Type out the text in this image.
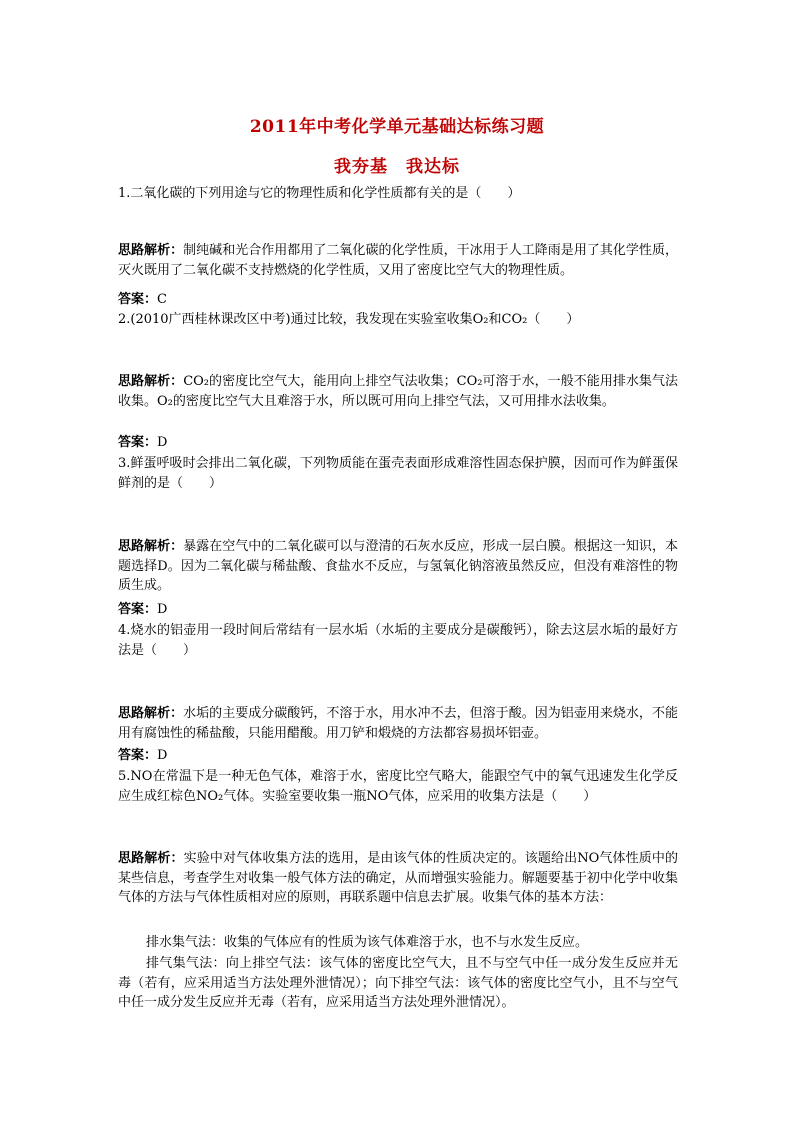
2011年中考化学单元基础达标练习题
我夯基　我达标
1.二氧化碳的下列用途与它的物理性质和化学性质都有关的是（　　）
思路解析：制纯碱和光合作用都用了二氧化碳的化学性质，干冰用于人工降雨是用了其化学性质，灭火既用了二氧化碳不支持燃烧的化学性质，又用了密度比空气大的物理性质。
答案：C
2.(2010广西桂林课改区中考)通过比较，我发现在实验室收集O₂和CO₂（　　）
思路解析：CO₂的密度比空气大，能用向上排空气法收集；CO₂可溶于水，一般不能用排水集气法收集。O₂的密度比空气大且难溶于水，所以既可用向上排空气法，又可用排水法收集。
答案：D
3.鲜蛋呼吸时会排出二氧化碳，下列物质能在蛋壳表面形成难溶性固态保护膜，因而可作为鲜蛋保鲜剂的是（　　）
思路解析：暴露在空气中的二氧化碳可以与澄清的石灰水反应，形成一层白膜。根据这一知识，本题选择D。因为二氧化碳与稀盐酸、食盐水不反应，与氢氧化钠溶液虽然反应，但没有难溶性的物质生成。
答案：D
4.烧水的铝壶用一段时间后常结有一层水垢（水垢的主要成分是碳酸钙），除去这层水垢的最好方法是（　　）
思路解析：水垢的主要成分碳酸钙，不溶于水，用水冲不去，但溶于酸。因为铝壶用来烧水，不能用有腐蚀性的稀盐酸，只能用醋酸。用刀铲和煅烧的方法都容易损坏铝壶。
答案：D
5.NO在常温下是一种无色气体，难溶于水，密度比空气略大，能跟空气中的氧气迅速发生化学反应生成红棕色NO₂气体。实验室要收集一瓶NO气体，应采用的收集方法是（　　）
思路解析：实验中对气体收集方法的选用，是由该气体的性质决定的。该题给出NO气体性质中的某些信息，考查学生对收集一般气体方法的确定，从而增强实验能力。解题要基于初中化学中收集气体的方法与气体性质相对应的原则，再联系题中信息去扩展。收集气体的基本方法：
排水集气法：收集的气体应有的性质为该气体难溶于水，也不与水发生反应。
排气集气法：向上排空气法：该气体的密度比空气大，且不与空气中任一成分发生反应并无毒（若有，应采用适当方法处理外泄情况）；向下排空气法：该气体的密度比空气小，且不与空气中任一成分发生反应并无毒（若有，应采用适当方法处理外泄情况）。
